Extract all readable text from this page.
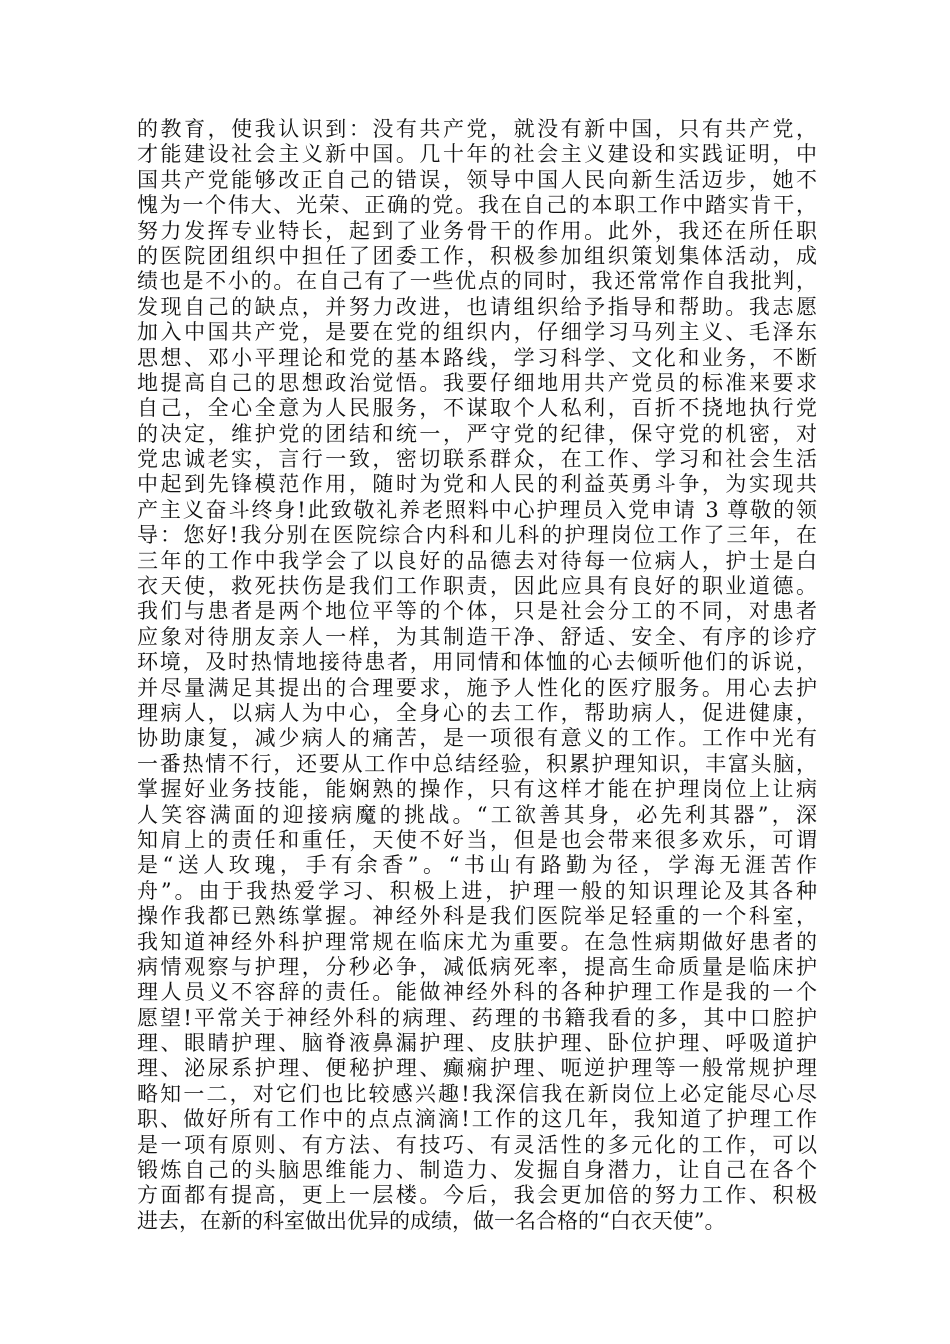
的教育，使我认识到：没有共产党，就没有新中国，只有共产党，
才能建设社会主义新中国。几十年的社会主义建设和实践证明，中
国共产党能够改正自己的错误，领导中国人民向新生活迈步，她不
愧为一个伟大、光荣、正确的党。我在自己的本职工作中踏实肯干，
努力发挥专业特长，起到了业务骨干的作用。此外，我还在所任职
的医院团组织中担任了团委工作，积极参加组织策划集体活动，成
绩也是不小的。在自己有了一些优点的同时，我还常常作自我批判，
发现自己的缺点，并努力改进，也请组织给予指导和帮助。我志愿
加入中国共产党，是要在党的组织内，仔细学习马列主义、毛泽东
思想、邓小平理论和党的基本路线，学习科学、文化和业务，不断
地提高自己的思想政治觉悟。我要仔细地用共产党员的标准来要求
自己，全心全意为人民服务，不谋取个人私利，百折不挠地执行党
的决定，维护党的团结和统一，严守党的纪律，保守党的机密，对
党忠诚老实，言行一致，密切联系群众，在工作、学习和社会生活
中起到先锋模范作用，随时为党和人民的利益英勇斗争，为实现共
产主义奋斗终身!此致敬礼养老照料中心护理员入党申请 3 尊敬的领
导：您好!我分别在医院综合内科和儿科的护理岗位工作了三年，在
三年的工作中我学会了以良好的品德去对待每一位病人，护士是白
衣天使，救死扶伤是我们工作职责，因此应具有良好的职业道德。
我们与患者是两个地位平等的个体，只是社会分工的不同，对患者
应象对待朋友亲人一样，为其制造干净、舒适、安全、有序的诊疗
环境，及时热情地接待患者，用同情和体恤的心去倾听他们的诉说，
并尽量满足其提出的合理要求，施予人性化的医疗服务。用心去护
理病人，以病人为中心，全身心的去工作，帮助病人，促进健康，
协助康复，减少病人的痛苦，是一项很有意义的工作。工作中光有
一番热情不行，还要从工作中总结经验，积累护理知识，丰富头脑，
掌握好业务技能，能娴熟的操作，只有这样才能在护理岗位上让病
人笑容满面的迎接病魔的挑战。“工欲善其身，必先利其器”，深
知肩上的责任和重任，天使不好当，但是也会带来很多欢乐，可谓
是“送人玫瑰，手有余香”。“书山有路勤为径，学海无涯苦作
舟”。由于我热爱学习、积极上进，护理一般的知识理论及其各种
操作我都已熟练掌握。神经外科是我们医院举足轻重的一个科室，
我知道神经外科护理常规在临床尤为重要。在急性病期做好患者的
病情观察与护理，分秒必争，减低病死率，提高生命质量是临床护
理人员义不容辞的责任。能做神经外科的各种护理工作是我的一个
愿望!平常关于神经外科的病理、药理的书籍我看的多，其中口腔护
理、眼睛护理、脑脊液鼻漏护理、皮肤护理、卧位护理、呼吸道护
理、泌尿系护理、便秘护理、癫痫护理、呃逆护理等一般常规护理
略知一二，对它们也比较感兴趣!我深信我在新岗位上必定能尽心尽
职、做好所有工作中的点点滴滴!工作的这几年，我知道了护理工作
是一项有原则、有方法、有技巧、有灵活性的多元化的工作，可以
锻炼自己的头脑思维能力、制造力、发掘自身潜力，让自己在各个
方面都有提高，更上一层楼。今后，我会更加倍的努力工作、积极
进去，在新的科室做出优异的成绩，做一名合格的“白衣天使”。
